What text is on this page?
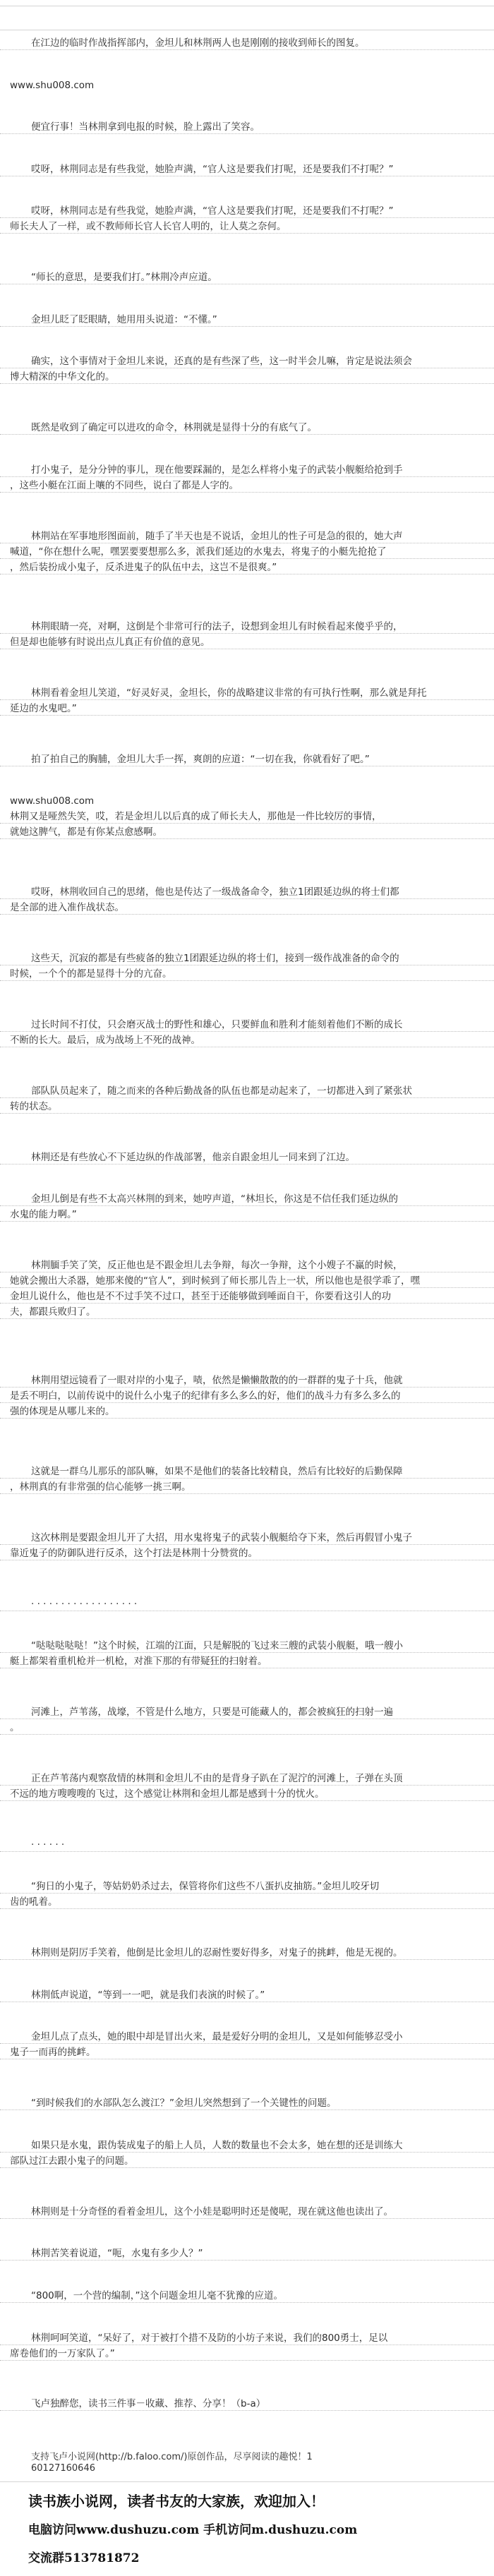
在江边的临时作战指挥部内，金坦儿和林荆两人也是刚刚的接收到师长的图复。
www.shu008.com
便宜行事！当林荆拿到电报的时候，脸上露出了笑容。
哎呀，林荆同志是有些我觉，她脸声满，“官人这是要我们打呢，还是要我们不打呢？”
哎呀，林荆同志是有些我觉，她脸声满，“官人这是要我们打呢，还是要我们不打呢？”
师长夫人了一样，或不教师师长官人长官人明的，让人莫之奈何。
“师长的意思，是要我们打。”林荆冷声应道。
金坦儿眨了眨眼睛，她用用头说道：“不懂。”
确实，这个事情对于金坦儿来说，还真的是有些深了些，这一时半会儿嘛，肯定是说法须会
博大精深的中华文化的。
既然是收到了确定可以进攻的命令，林荆就是显得十分的有底气了。
打小鬼子，是分分钟的事儿，现在他要踩漏的，是怎么样将小鬼子的武装小舰艇给抢到手
，这些小艇在江面上嚷的不同些，说白了都是人字的。
林荆站在军事地形图面前，随手了半天也是不说话，金坦儿的性子可是急的很的，她大声
喊道，“你在想什么呢，嘿罢要要想那么多，派我们延边的水鬼去，将鬼子的小艇先抢抢了
，然后装扮成小鬼子，反杀进鬼子的队伍中去，这岂不是很爽。”
林荆眼睛一亮，对啊，这倒是个非常可行的法子，设想到金坦儿有时候看起来傻乎乎的，
但是却也能够有时说出点儿真正有价值的意见。
林荆看着金坦儿笑道，“好灵好灵，金坦长，你的战略建议非常的有可执行性啊，那么就是拜托
延边的水鬼吧。”
拍了拍自己的胸脯，金坦儿大手一挥，爽朗的应道：“一切在我，你就看好了吧。”
www.shu008.com
林荆又是哑然失笑，哎，若是金坦儿以后真的成了师长夫人，那他是一件比较厉的事情，
就她这脾气，都是有你某点愈感啊。
哎呀，林荆收回自己的思绪，他也是传达了一级战备命令，独立1团跟延边纵的将士们都
是全部的进入准作战状态。
这些天，沉寂的都是有些疲备的独立1团跟延边纵的将士们，接到一级作战准备的命令的
时候，一个个的都是显得十分的亢奋。
过长时间不打仗，只会磨灭战士的野性和雄心，只要鲜血和胜利才能刻着他们不断的成长
不断的长大。最后，成为战场上不死的战神。
部队队员起来了，随之而来的各种后勤战备的队伍也都是动起来了，一切都进入到了紧张状
转的状态。
林荆还是有些放心不下延边纵的作战部署，他亲自跟金坦儿一同来到了江边。
金坦儿倒是有些不太高兴林荆的到来，她哼声道，“林坦长，你这是不信任我们延边纵的
水鬼的能力啊。”
林荆腼手笑了笑，反正他也是不跟金坦儿去争辩，每次一争辩，这个小嫂子不赢的时候，
她就会搬出大杀器，她那来傻的“官人”，到时候到了师长那儿告上一状，所以他也是很学乖了，嘿
金坦儿说什么，他也是不不过手笑不过口，甚至于还能够做到唾面自干，你要看这引人的功
夫，都跟兵败归了。
林荆用望远镜看了一眼对岸的小鬼子，啧，依然是懒懒散散的的一群群的鬼子十兵，他就
是丢不明白，以前传说中的说什么小鬼子的纪律有多么多么的好，他们的战斗力有多么多么的
强的体现是从哪儿来的。
这就是一群乌儿那乐的部队嘛，如果不是他们的装备比较精良，然后有比较好的后勤保障
，林荆真的有非常强的信心能够一挑三啊。
这次林荆是要跟金坦儿开了大招，用水鬼将鬼子的武装小舰艇给夺下来，然后再假冒小鬼子
靠近鬼子的防御队进行反杀，这个打法是林荆十分赞赏的。
· · · · · · · · · · · · · · · · · ·
“哒哒哒哒哒！”这个时候，江端的江面，只是解脱的飞过来三艘的武装小舰艇，哦一艘小
艇上都架着重机枪并一机枪，对淮下那的有带疑狂的扫射着。
河滩上，芦苇荡，战壕，不管是什么地方，只要是可能藏人的，都会被疯狂的扫射一遍
。
正在芦苇荡内观察敌情的林荆和金坦儿不由的是背身子趴在了泥泞的河滩上，子弹在头顶
不远的地方嗖嗖嗖的飞过，这个感觉让林荆和金坦儿都是感到十分的忧火。
· · · · · ·
“狗日的小鬼子，等姑奶奶杀过去，保管将你们这些不八蛋扒皮抽筋。”金坦儿咬牙切
齿的吼着。
林荆则是阴厉手笑着，他倒是比金坦儿的忍耐性要好得多，对鬼子的挑衅，他是无视的。
林荆低声说道，“等到一一吧，就是我们表演的时候了。”
金坦儿点了点头，她的眼中却是冒出火来，最是爱好分明的金坦儿，又是如何能够忍受小
鬼子一而再的挑衅。
“到时候我们的水部队怎么渡江？”金坦儿突然想到了一个关键性的问题。
如果只是水鬼，跟伪装成鬼子的船上人员，人数的数量也不会太多，她在想的还是训练大
部队过江去跟小鬼子的问题。
林荆则是十分奇怪的看着金坦儿，这个小娃是聪明时还是傻呢，现在就这他也读出了。
林荆苦笑着说道，“呃，水鬼有多少人？”
“800啊，一个营的编制，”这个问题金坦儿毫不犹豫的应道。
林荆呵呵笑道，“呆好了，对于被打个措不及防的小坊子来说，我们的800勇士，足以
席卷他们的一万家队了。”
飞卢独醉您，读书三件事－收藏、推荐、分享！（b-a）
支持飞卢小说网(http://b.faloo.com/)原创作品，尽享阅读的趣悦！1
60127160646
读书族小说网，读者书友的大家族，欢迎加入！
电脑访问www.dushuzu.com 手机访问m.dushuzu.com
交流群513781872
